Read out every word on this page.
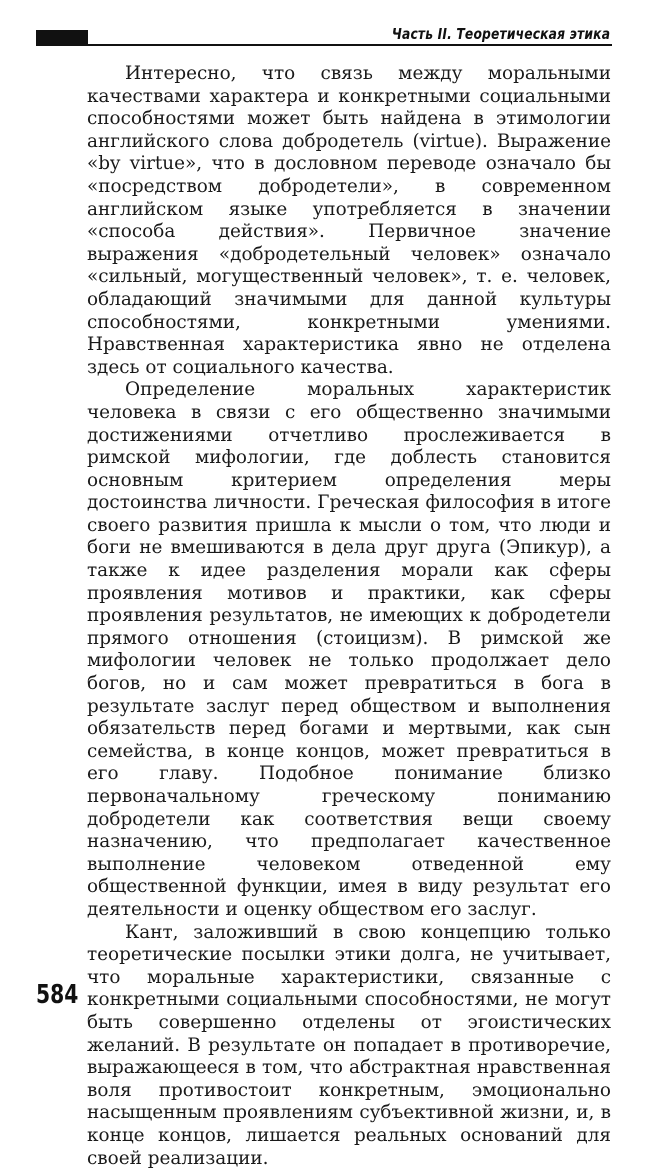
Часть II. Теоретическая этика

Интересно, что связь между моральными качествами характера и конкретными социальными способностями может быть найдена в этимологии английского слова добродетель (virtue). Выражение «by virtue», что в дословном переводе означало бы «посредством добродетели», в современном английском языке употребляется в значении «способа действия». Первичное значение выражения «добродетельный человек» означало «сильный, могущественный человек», т. е. человек, обладающий значимыми для данной культуры способностями, конкретными умениями. Нравственная характеристика явно не отделена здесь от социального качества.

Определение моральных характеристик человека в связи с его общественно значимыми достижениями отчетливо прослеживается в римской мифологии, где доблесть становится основным критерием определения меры достоинства личности. Греческая философия в итоге своего развития пришла к мысли о том, что люди и боги не вмешиваются в дела друг друга (Эпикур), а также к идее разделения морали как сферы проявления мотивов и практики, как сферы проявления результатов, не имеющих к добродетели прямого отношения (стоицизм). В римской же мифологии человек не только продолжает дело богов, но и сам может превратиться в бога в результате заслуг перед обществом и выполнения обязательств перед богами и мертвыми, как сын семейства, в конце концов, может превратиться в его главу. Подобное понимание близко первоначальному греческому пониманию добродетели как соответствия вещи своему назначению, что предполагает качественное выполнение человеком отведенной ему общественной функции, имея в виду результат его деятельности и оценку обществом его заслуг.

Кант, заложивший в свою концепцию только теоретические посылки этики долга, не учитывает, что моральные характеристики, связанные с конкретными социальными способностями, не могут быть совершенно отделены от эгоистических желаний. В результате он попадает в противоречие, выражающееся в том, что абстрактная нравственная воля противостоит конкретным, эмоционально насыщенным проявлениям субъективной жизни, и, в конце концов, лишается реальных оснований для своей реализации.

584
